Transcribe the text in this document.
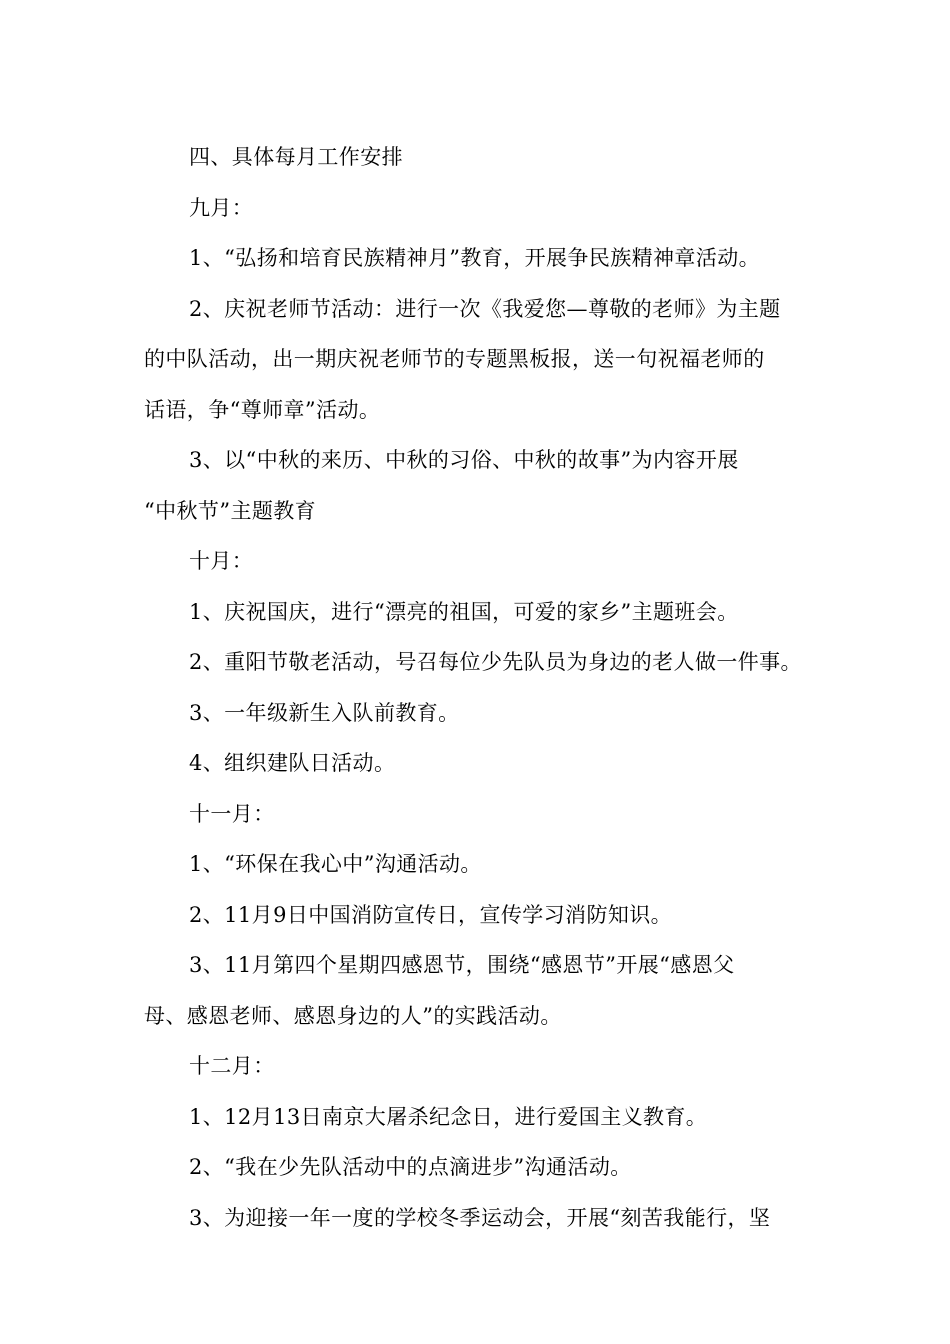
四、具体每月工作安排
九月：
1、“弘扬和培育民族精神月”教育，开展争民族精神章活动。
2、庆祝老师节活动：进行一次《我爱您—尊敬的老师》为主题
的中队活动，出一期庆祝老师节的专题黑板报，送一句祝福老师的
话语，争“尊师章”活动。
3、以“中秋的来历、中秋的习俗、中秋的故事”为内容开展
“中秋节”主题教育
十月：
1、庆祝国庆，进行“漂亮的祖国，可爱的家乡”主题班会。
2、重阳节敬老活动，号召每位少先队员为身边的老人做一件事。
3、一年级新生入队前教育。
4、组织建队日活动。
十一月：
1、“环保在我心中”沟通活动。
2、11月9日中国消防宣传日，宣传学习消防知识。
3、11月第四个星期四感恩节，围绕“感恩节”开展“感恩父
母、感恩老师、感恩身边的人”的实践活动。
十二月：
1、12月13日南京大屠杀纪念日，进行爱国主义教育。
2、“我在少先队活动中的点滴进步”沟通活动。
3、为迎接一年一度的学校冬季运动会，开展“刻苦我能行，坚
